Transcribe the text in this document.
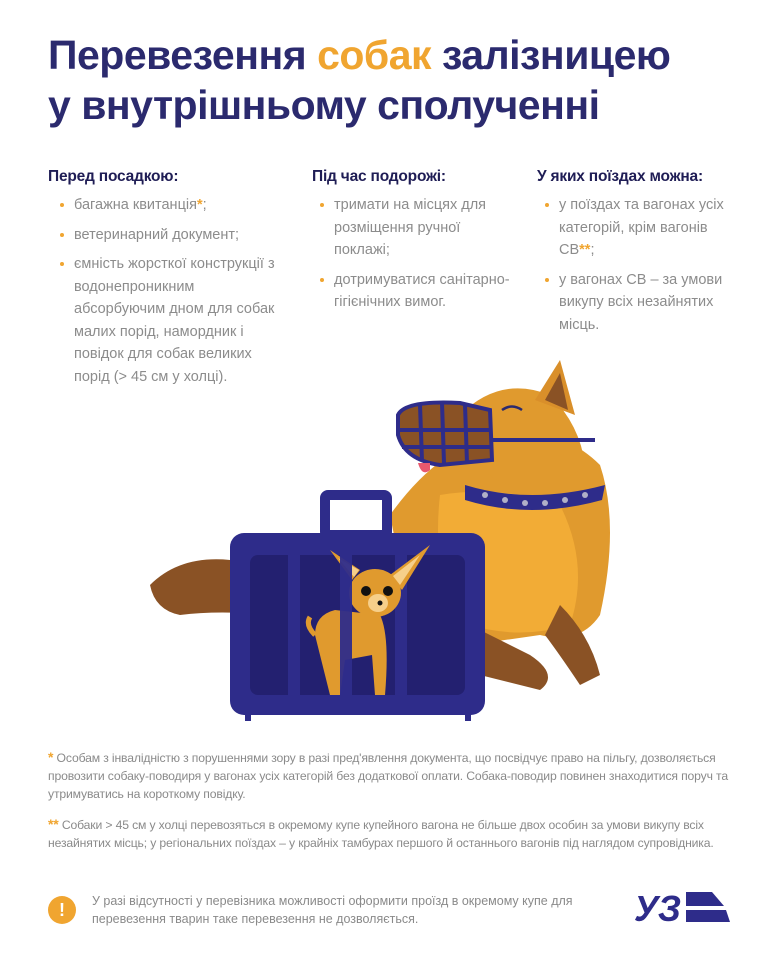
Перевезення собак залізницею
у внутрішньому сполученні
Перед посадкою:
багажна квитанція*;
ветеринарний документ;
ємність жорсткої конструкції з водонепроникним абсорбуючим дном для собак малих порід, намордник і повідок для собак великих порід (> 45 см у холці).
Під час подорожі:
тримати на місцях для розміщення ручної поклажі;
дотримуватися санітарно-гігієнічних вимог.
У яких поїздах можна:
у поїздах та вагонах усіх категорій, крім вагонів СВ**;
у вагонах СВ – за умови викупу всіх незайнятих місць.

* Особам з інвалідністю з порушеннями зору в разі пред'явлення документа, що посвідчує право на пільгу, дозволяється провозити собаку-поводиря у вагонах усіх категорій без додаткової оплати. Собака-поводир повинен знаходитися поруч та утримуватись на короткому повідку.

** Собаки > 45 см у холці перевозяться в окремому купе купейного вагона не більше двох особин за умови викупу всіх незайнятих місць; у регіональних поїздах – у крайніх тамбурах першого й останнього вагонів під наглядом супровідника.

!	У разі відсутності у перевізника можливості оформити проїзд в окремому купе для перевезення тварин таке перевезення не дозволяється.	УЗ
